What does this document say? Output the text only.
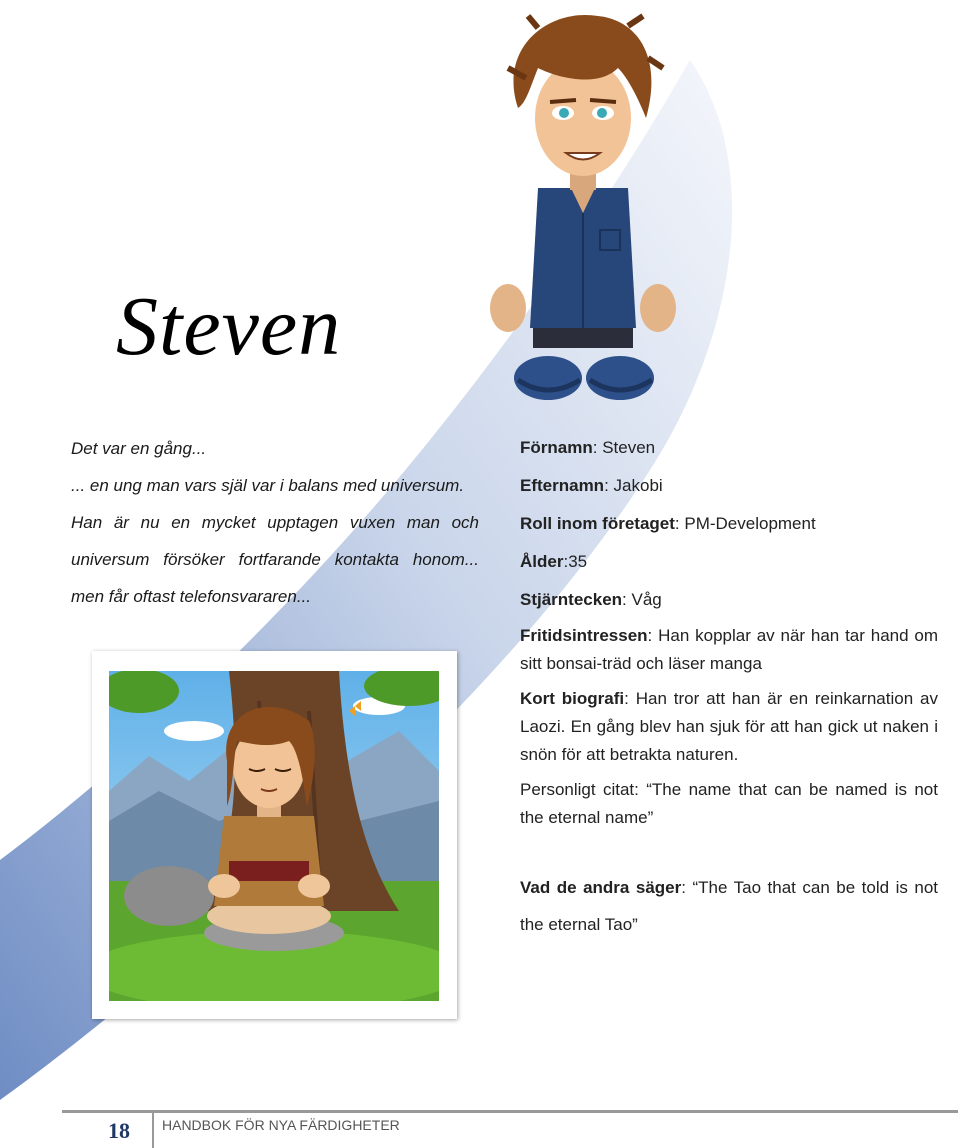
Steven

Det var en gång...

... en ung man vars själ var i balans med universum.

Han är nu en mycket upptagen vuxen man och universum försöker fortfarande kontakta honom... men får oftast telefonsvararen...

Förnamn: Steven

Efternamn: Jakobi

Roll inom företaget: PM-Development

Ålder:35

Stjärntecken: Våg

Fritidsintressen: Han kopplar av när han tar hand om sitt bonsai-träd och läser manga

Kort biografi: Han tror att han är en reinkarnation av Laozi. En gång blev han sjuk för att han gick ut naken i snön för att betrakta naturen.

Personligt citat: “The name that can be named is not the eternal name”

Vad de andra säger: “The Tao that can be told is not the eternal Tao”

18	HANDBOK FÖR NYA FÄRDIGHETER
